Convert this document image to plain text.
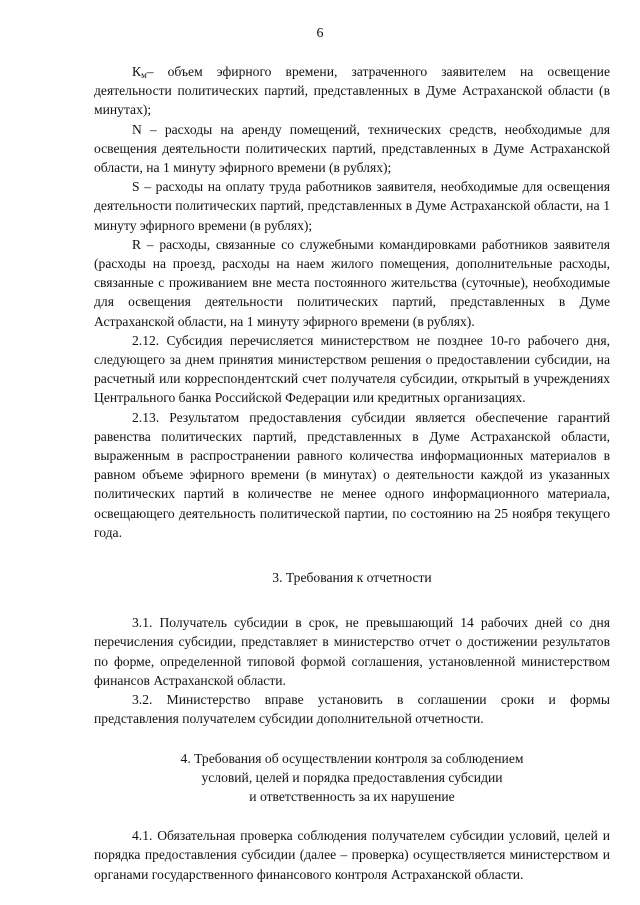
6

$К_м-$ объем эфирного времени, затраченного заявителем на освещение деятельности политических партий, представленных в Думе Астраханской области (в минутах);

N – расходы на аренду помещений, технических средств, необходимые для освещения деятельности политических партий, представленных в Думе Астраханской области, на 1 минуту эфирного времени (в рублях);

S – расходы на оплату труда работников заявителя, необходимые для освещения деятельности политических партий, представленных в Думе Астраханской области, на 1 минуту эфирного времени (в рублях);

R – расходы, связанные со служебными командировками работников заявителя (расходы на проезд, расходы на наем жилого помещения, дополнительные расходы, связанные с проживанием вне места постоянного жительства (суточные), необходимые для освещения деятельности политических партий, представленных в Думе Астраханской области, на 1 минуту эфирного времени (в рублях).

2.12. Субсидия перечисляется министерством не позднее 10-го рабочего дня, следующего за днем принятия министерством решения о предоставлении субсидии, на расчетный или корреспондентский счет получателя субсидии, открытый в учреждениях Центрального банка Российской Федерации или кредитных организациях.

2.13. Результатом предоставления субсидии является обеспечение гарантий равенства политических партий, представленных в Думе Астраханской области, выраженным в распространении равного количества информационных материалов в равном объеме эфирного времени (в минутах) о деятельности каждой из указанных политических партий в количестве не менее одного информационного материала, освещающего деятельность политической партии, по состоянию на 25 ноября текущего года.

3. Требования к отчетности

3.1. Получатель субсидии в срок, не превышающий 14 рабочих дней со дня перечисления субсидии, представляет в министерство отчет о достижении результатов по форме, определенной типовой формой соглашения, установленной министерством финансов Астраханской области.

3.2. Министерство вправе установить в соглашении сроки и формы представления получателем субсидии дополнительной отчетности.

4. Требования об осуществлении контроля за соблюдением
условий, целей и порядка предоставления субсидии
и ответственность за их нарушение

4.1. Обязательная проверка соблюдения получателем субсидии условий, целей и порядка предоставления субсидии (далее – проверка) осуществляется министерством и органами государственного финансового контроля Астраханской области.
